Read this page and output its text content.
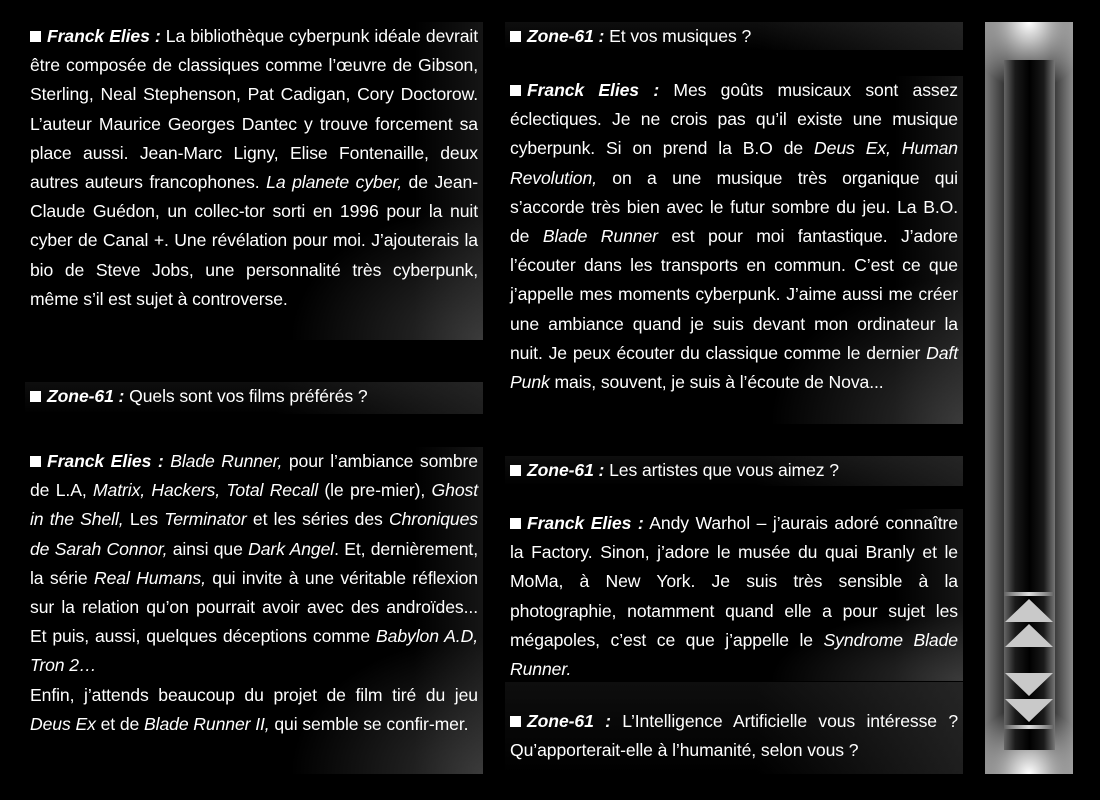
Franck Elies : La bibliothèque cyberpunk idéale devrait être composée de classiques comme l’œuvre de Gibson, Sterling, Neal Stephenson, Pat Cadigan, Cory Doctorow. L’auteur Maurice Georges Dantec y trouve forcement sa place aussi. Jean-Marc Ligny, Elise Fontenaille, deux autres auteurs francophones. La planete cyber, de Jean-Claude Guédon, un collec-tor sorti en 1996 pour la nuit cyber de Canal +. Une révélation pour moi. J’ajouterais la bio de Steve Jobs, une personnalité très cyberpunk, même s’il est sujet à controverse.

Zone-61 : Quels sont vos films préférés ?

Franck Elies : Blade Runner, pour l’ambiance sombre de L.A, Matrix, Hackers, Total Recall (le pre-mier), Ghost in the Shell, Les Terminator et les séries des Chroniques de Sarah Connor, ainsi que Dark Angel. Et, dernièrement, la série Real Humans, qui invite à une véritable réflexion sur la relation qu’on pourrait avoir avec des androïdes... Et puis, aussi, quelques déceptions comme Babylon A.D, Tron 2…
Enfin, j’attends beaucoup du projet de film tiré du jeu Deus Ex et de Blade Runner II, qui semble se confir-mer.

Zone-61 : Et vos musiques ?

Franck Elies : Mes goûts musicaux sont assez éclectiques. Je ne crois pas qu’il existe une musique cyberpunk. Si on prend la B.O de Deus Ex, Human Revolution, on a une musique très organique qui s’accorde très bien avec le futur sombre du jeu. La B.O. de Blade Runner est pour moi fantastique. J’adore l’écouter dans les transports en commun. C’est ce que j’appelle mes moments cyberpunk. J’aime aussi me créer une ambiance quand je suis devant mon ordinateur la nuit. Je peux écouter du classique comme le dernier Daft Punk mais, souvent, je suis à l’écoute de Nova...

Zone-61 : Les artistes que vous aimez ?

Franck Elies : Andy Warhol – j’aurais adoré connaître la Factory. Sinon, j’adore le musée du quai Branly et le MoMa, à New York. Je suis très sensible à la photographie, notamment quand elle a pour sujet les mégapoles, c’est ce que j’appelle le Syndrome Blade Runner.

Zone-61 : L’Intelligence Artificielle vous intéresse ? Qu’apporterait-elle à l’humanité, selon vous ?
